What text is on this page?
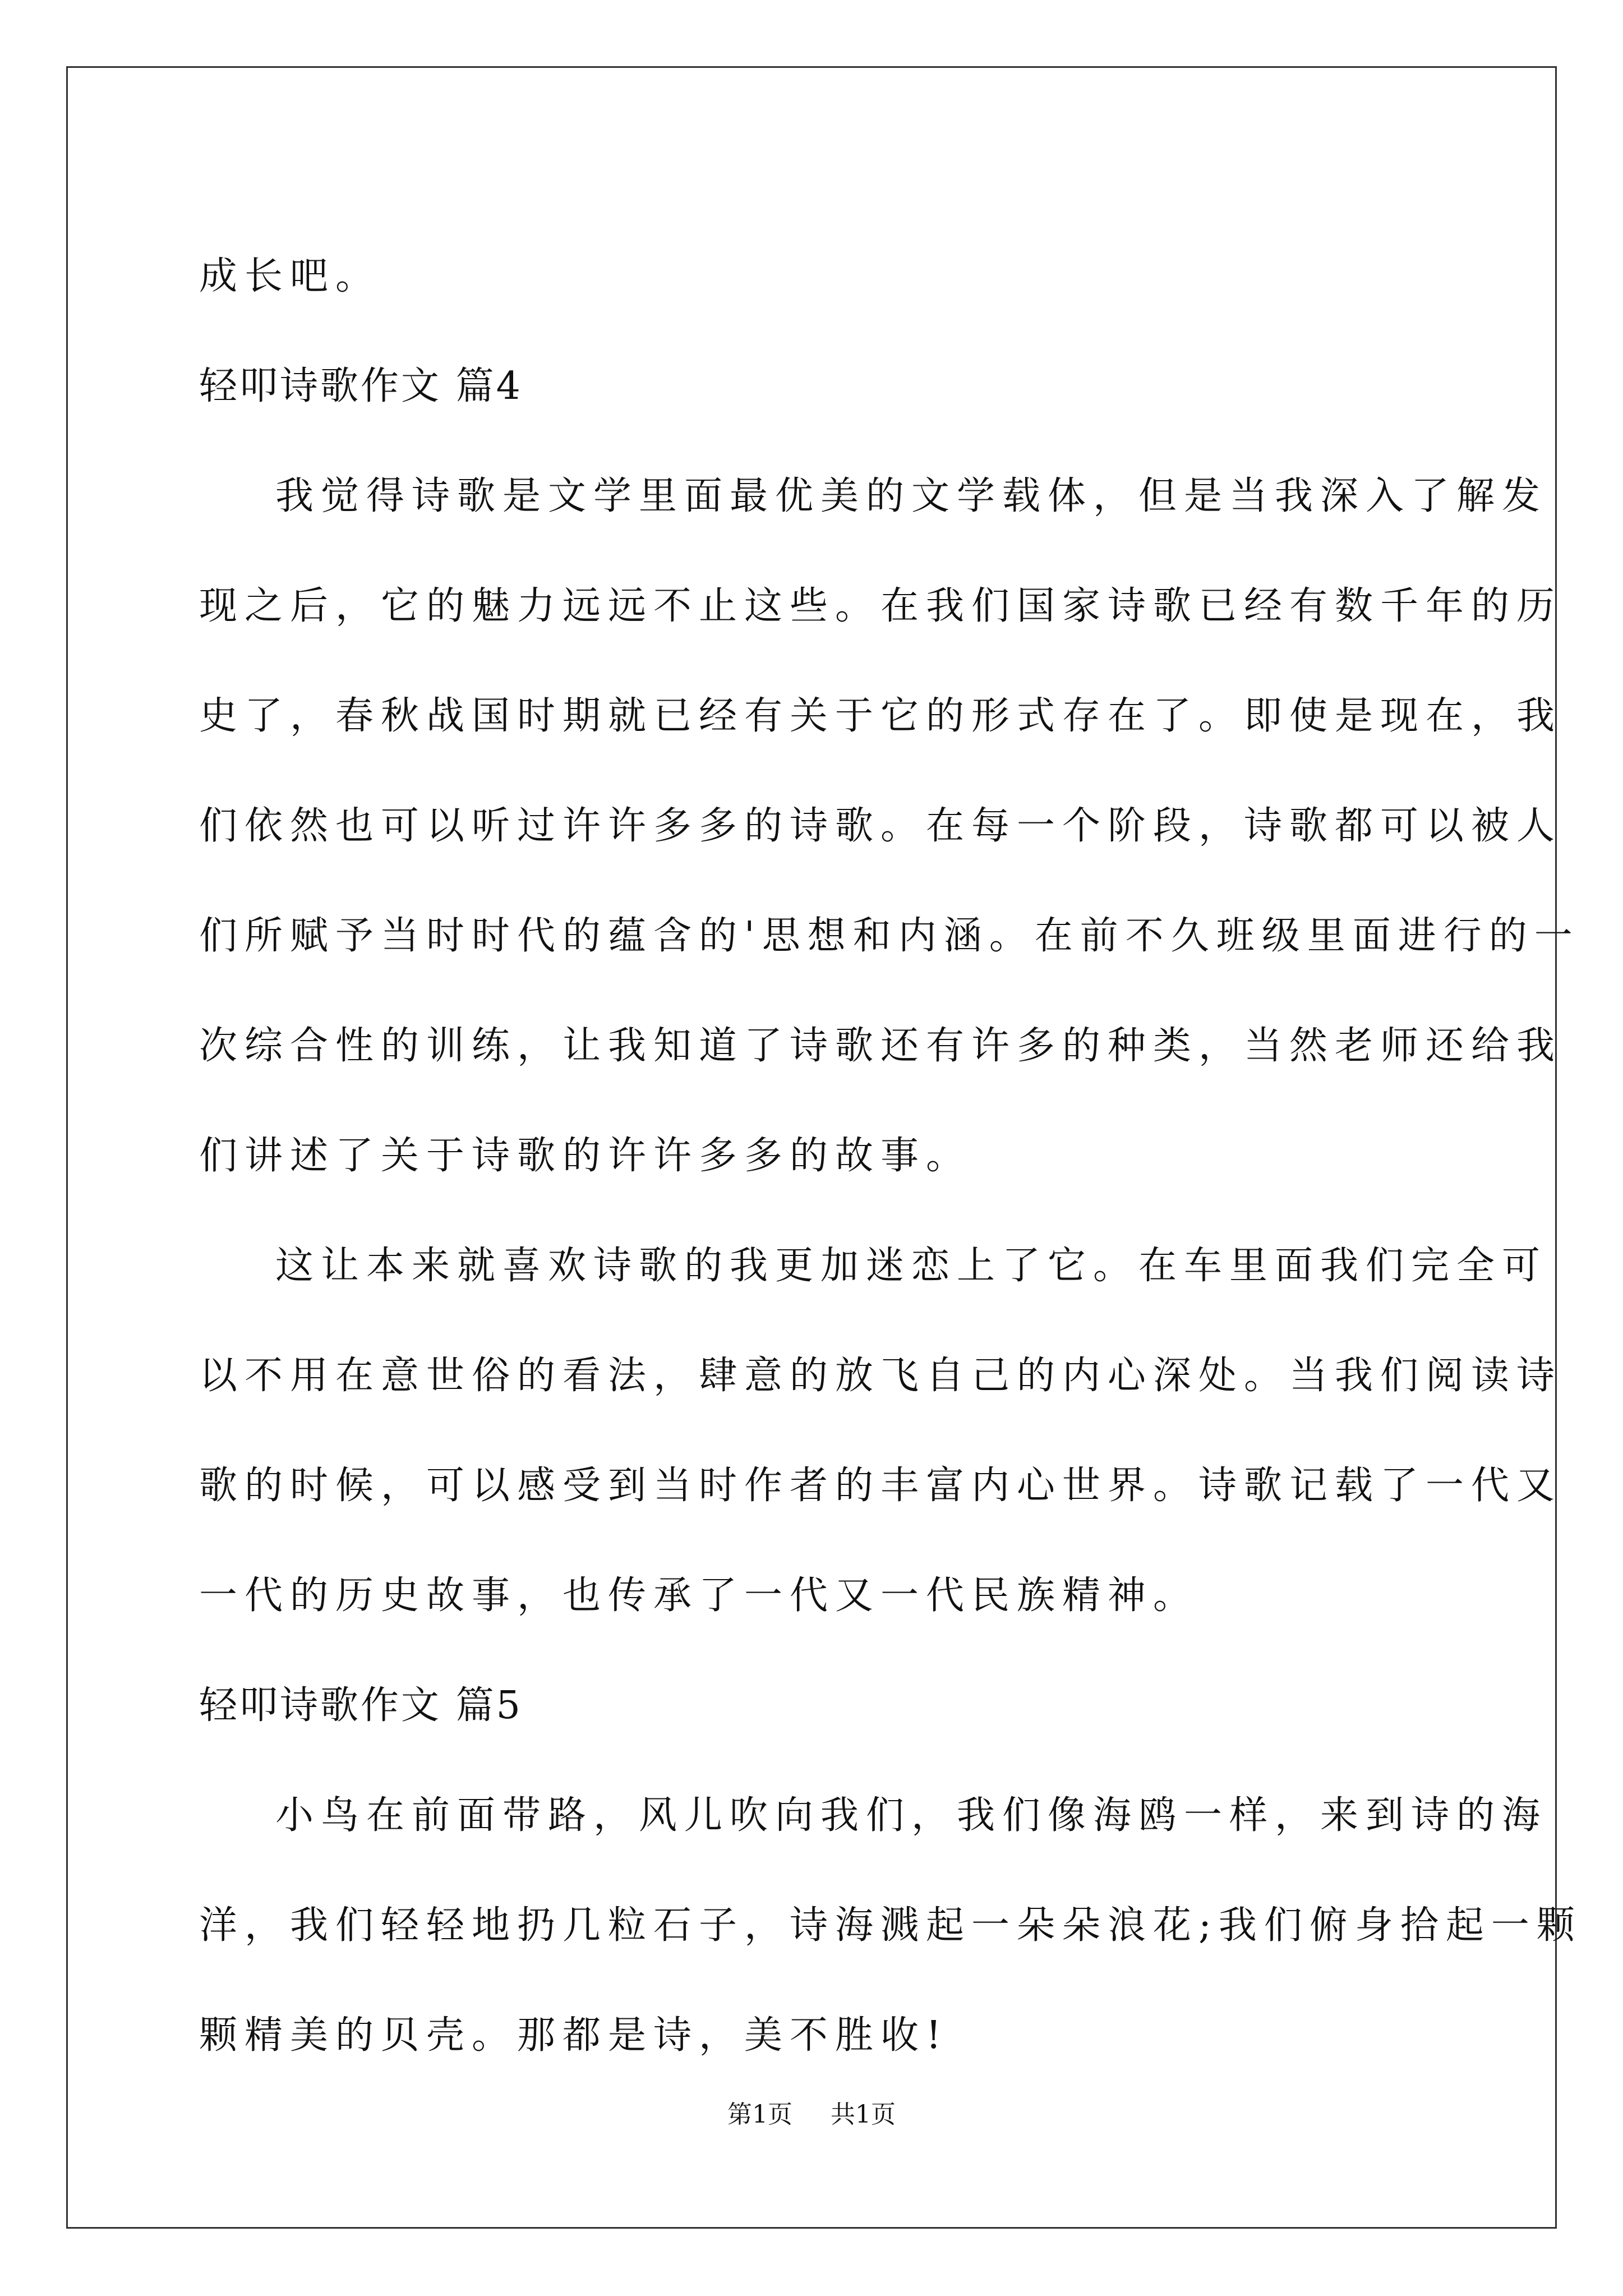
成长吧。
轻叩诗歌作文 篇4
我觉得诗歌是文学里面最优美的文学载体，但是当我深入了解发
现之后，它的魅力远远不止这些。在我们国家诗歌已经有数千年的历
史了，春秋战国时期就已经有关于它的形式存在了。即使是现在，我
们依然也可以听过许许多多的诗歌。在每一个阶段，诗歌都可以被人
们所赋予当时时代的蕴含的'思想和内涵。在前不久班级里面进行的一
次综合性的训练，让我知道了诗歌还有许多的种类，当然老师还给我
们讲述了关于诗歌的许许多多的故事。
这让本来就喜欢诗歌的我更加迷恋上了它。在车里面我们完全可
以不用在意世俗的看法，肆意的放飞自己的内心深处。当我们阅读诗
歌的时候，可以感受到当时作者的丰富内心世界。诗歌记载了一代又
一代的历史故事，也传承了一代又一代民族精神。
轻叩诗歌作文 篇5
小鸟在前面带路，风儿吹向我们，我们像海鸥一样，来到诗的海
洋，我们轻轻地扔几粒石子，诗海溅起一朵朵浪花;我们俯身拾起一颗
颗精美的贝壳。那都是诗，美不胜收!
第1页 共1页
